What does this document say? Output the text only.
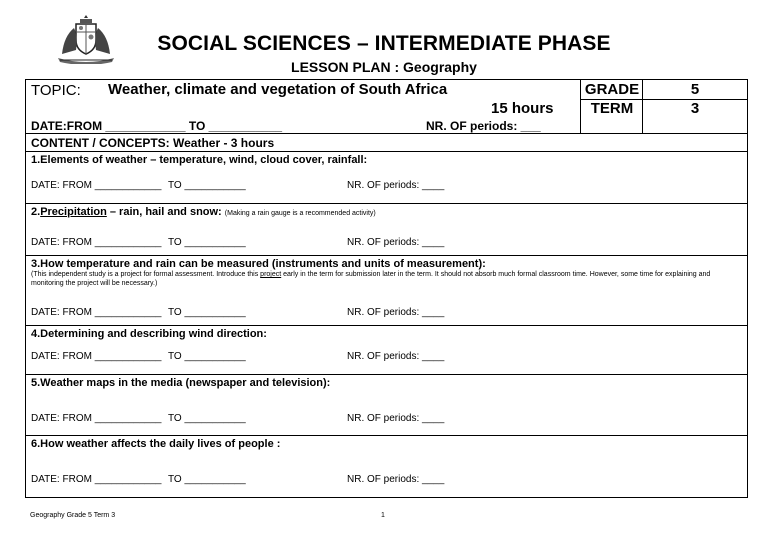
SOCIAL SCIENCES – INTERMEDIATE PHASE
LESSON PLAN : Geography
TOPIC: Weather, climate and vegetation of South Africa
15 hours
DATE:FROM ____________ TO ___________	NR. OF periods: ___
GRADE	5
TERM	3
CONTENT / CONCEPTS: Weather - 3 hours
1.Elements of weather – temperature, wind, cloud cover, rainfall:
DATE: FROM ____________ TO ___________	NR. OF periods: ____
2.Precipitation – rain, hail and snow: (Making a rain gauge is a recommended activity)
DATE: FROM ____________ TO ___________	NR. OF periods: ____
3.How temperature and rain can be measured (instruments and units of measurement):
(This independent study is a project for formal assessment. Introduce this project early in the term for submission later in the term. It should not absorb much formal classroom time. However, some time for explaining and monitoring the project will be necessary.)
DATE: FROM ____________ TO ___________	NR. OF periods: ____
4.Determining and describing wind direction:
DATE: FROM ____________ TO ___________	NR. OF periods: ____
5.Weather maps in the media (newspaper and television):
DATE: FROM ____________ TO ___________	NR. OF periods: ____
6.How weather affects the daily lives of people :
DATE: FROM ____________ TO ___________	NR. OF periods: ____
Geography Grade 5 Term 3	1
